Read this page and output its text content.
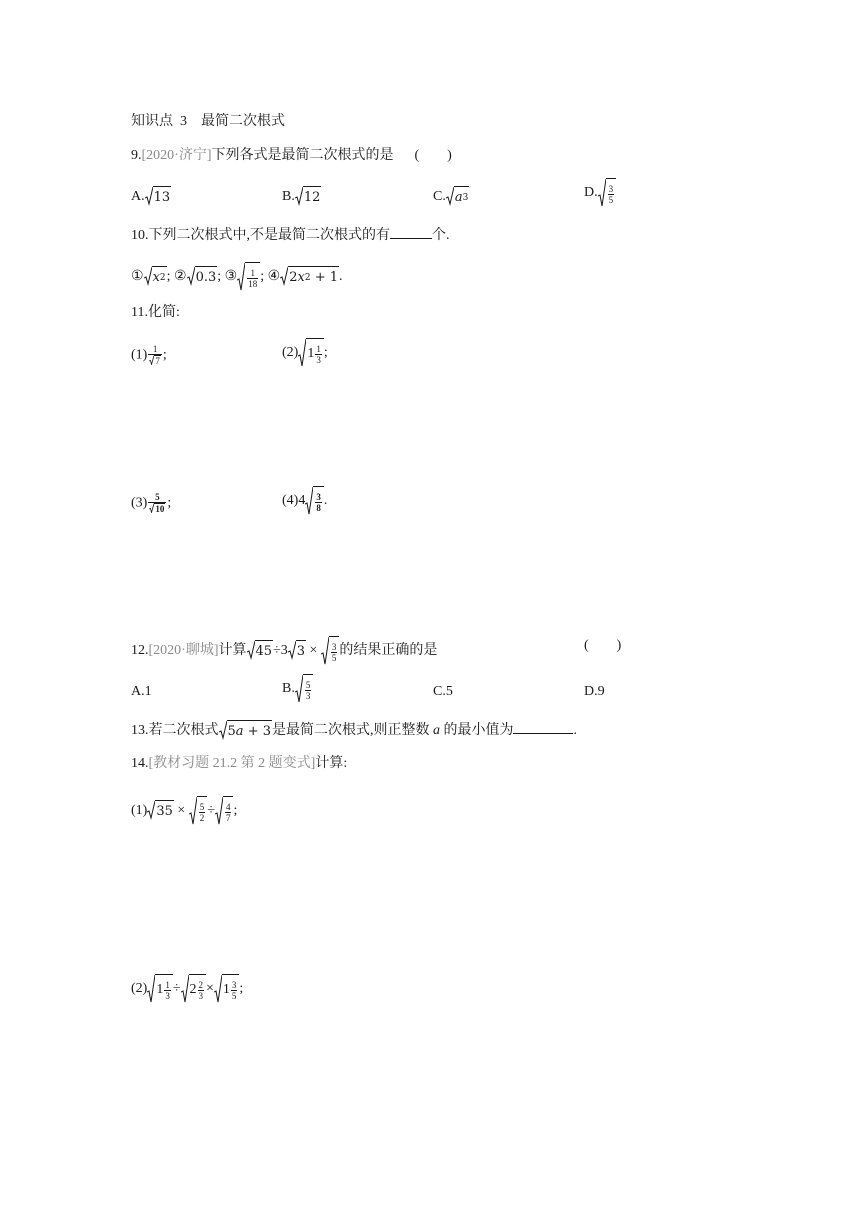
知识点 3 最简二次根式
9.[2020·济宁]下列各式是最简二次根式的是 (　　)
A. 13	B. 12	C. a 3	D. $\frac{3}{5}$
10.下列二次根式中,不是最简二次根式的有	个.
① x 2 ; ② 0.3 ; ③ $\frac{1}{18}$ ; ④ 2 x 2
+ 1 .
11.化简:
$(1) \frac{1}{7}$ ;	(2) $1 \frac{1}{3}$ ;
$(3) \frac{5}{10}$ ;	$(4)4 \frac{3}{8}$ .
12.[2020·聊城]计算 45 ÷3 $3 \times \frac{3}{5}$ 的结果正确的是	(　　)
A.1	B. $\frac{5}{3}$	C.5	D.9
13.若二次根式 5 a
+ 3 是最简二次根式,则正整数 a 的最小值为	.
14.[教材习题 21.2 第 2 题变式]计算:
(1) $35 \times \frac{5}{2} \div \frac{4}{7}$ ;
(2) $1 \frac{1}{3} \div 2 \frac{2}{3} \times 1 \frac{3}{5}$ ;
